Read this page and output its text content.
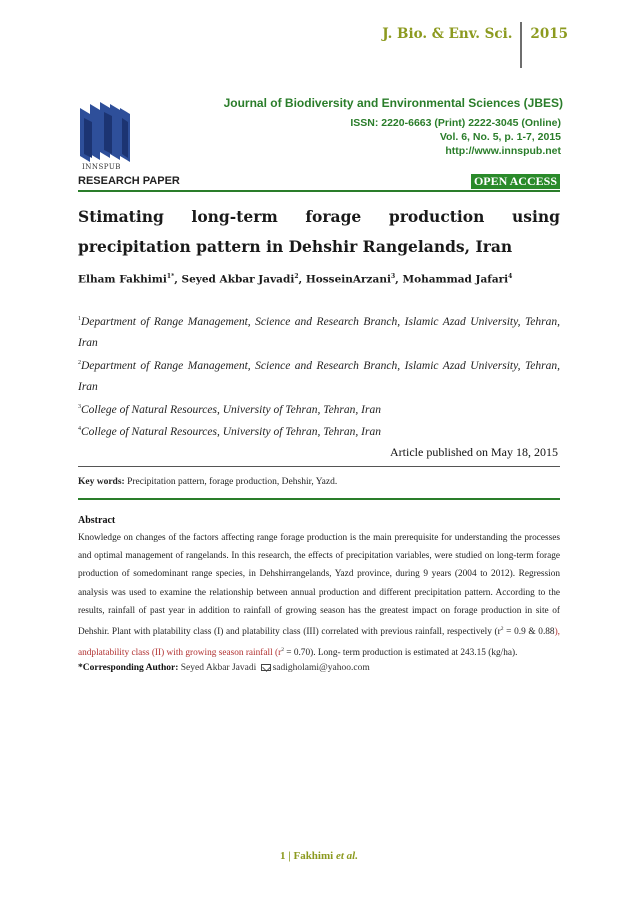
J. Bio. & Env. Sci.	2015
INNSPUB
Journal of Biodiversity and Environmental Sciences (JBES)
ISSN: 2220-6663 (Print) 2222-3045 (Online)
Vol. 6, No. 5, p. 1-7, 2015
http://www.innspub.net
RESEARCH PAPER	OPEN ACCESS
Stimating long-term forage production using precipitation pattern in Dehshir Rangelands, Iran
Elham Fakhimi$^{1*}$, Seyed Akbar Javadi$^2$, HosseinArzani$^3$, Mohammad Jafari$^4$
$^1$Department of Range Management, Science and Research Branch, Islamic Azad University, Tehran, Iran
$^2$Department of Range Management, Science and Research Branch, Islamic Azad University, Tehran, Iran
$^3$College of Natural Resources, University of Tehran, Tehran, Iran
$^4$College of Natural Resources, University of Tehran, Tehran, Iran
Article published on May 18, 2015
Key words: Precipitation pattern, forage production, Dehshir, Yazd.
Abstract
Knowledge on changes of the factors affecting range forage production is the main prerequisite for understanding the processes and optimal management of rangelands. In this research, the effects of precipitation variables, were studied on long-term forage production of somedominant range species, in Dehshirrangelands, Yazd province, during 9 years (2004 to 2012). Regression analysis was used to examine the relationship between annual production and different precipitation pattern. According to the results, rainfall of past year in addition to rainfall of growing season has the greatest impact on forage production in site of Dehshir. Plant with platability class (I) and platability class (III) correlated with previous rainfall, respectively ($r^2 = 0.9$ & 0.88), andplatability class (II) with growing season rainfall $(r^2 = 0.70)$. Long- term production is estimated at 243.15 (kg/ha).
*Corresponding Author: Seyed Akbar Javadi sadigholami@yahoo.com
1 | Fakhimi et al.
